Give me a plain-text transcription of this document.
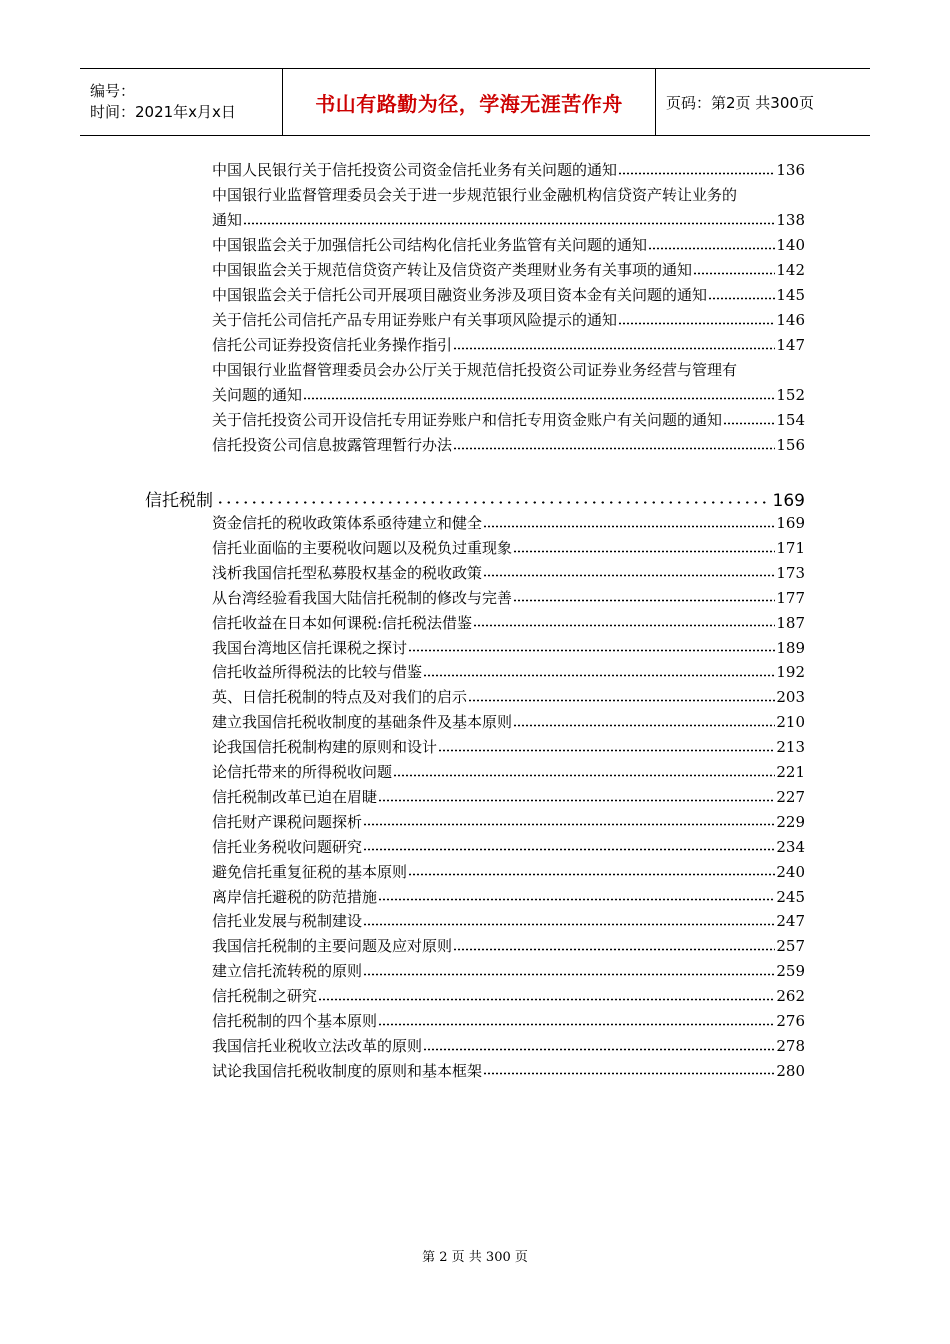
编号：
时间：2021年x月x日	书山有路勤为径，学海无涯苦作舟	页码：第2页 共300页
中国人民银行关于信托投资公司资金信托业务有关问题的通知	136
中国银行业监督管理委员会关于进一步规范银行业金融机构信贷资产转让业务的
通知	138
中国银监会关于加强信托公司结构化信托业务监管有关问题的通知	140
中国银监会关于规范信贷资产转让及信贷资产类理财业务有关事项的通知	142
中国银监会关于信托公司开展项目融资业务涉及项目资本金有关问题的通知	145
关于信托公司信托产品专用证券账户有关事项风险提示的通知	146
信托公司证券投资信托业务操作指引	147
中国银行业监督管理委员会办公厅关于规范信托投资公司证券业务经营与管理有
关问题的通知	152
关于信托投资公司开设信托专用证券账户和信托专用资金账户有关问题的通知	154
信托投资公司信息披露管理暂行办法	156
信托税制	169
资金信托的税收政策体系亟待建立和健全	169
信托业面临的主要税收问题以及税负过重现象	171
浅析我国信托型私募股权基金的税收政策	173
从台湾经验看我国大陆信托税制的修改与完善	177
信托收益在日本如何课税:信托税法借鉴	187
我国台湾地区信托课税之探讨	189
信托收益所得税法的比较与借鉴	192
英、日信托税制的特点及对我们的启示	203
建立我国信托税收制度的基础条件及基本原则	210
论我国信托税制构建的原则和设计	213
论信托带来的所得税收问题	221
信托税制改革已迫在眉睫	227
信托财产课税问题探析	229
信托业务税收问题研究	234
避免信托重复征税的基本原则	240
离岸信托避税的防范措施	245
信托业发展与税制建设	247
我国信托税制的主要问题及应对原则	257
建立信托流转税的原则	259
信托税制之研究	262
信托税制的四个基本原则	276
我国信托业税收立法改革的原则	278
试论我国信托税收制度的原则和基本框架	280
第 2 页 共 300 页
